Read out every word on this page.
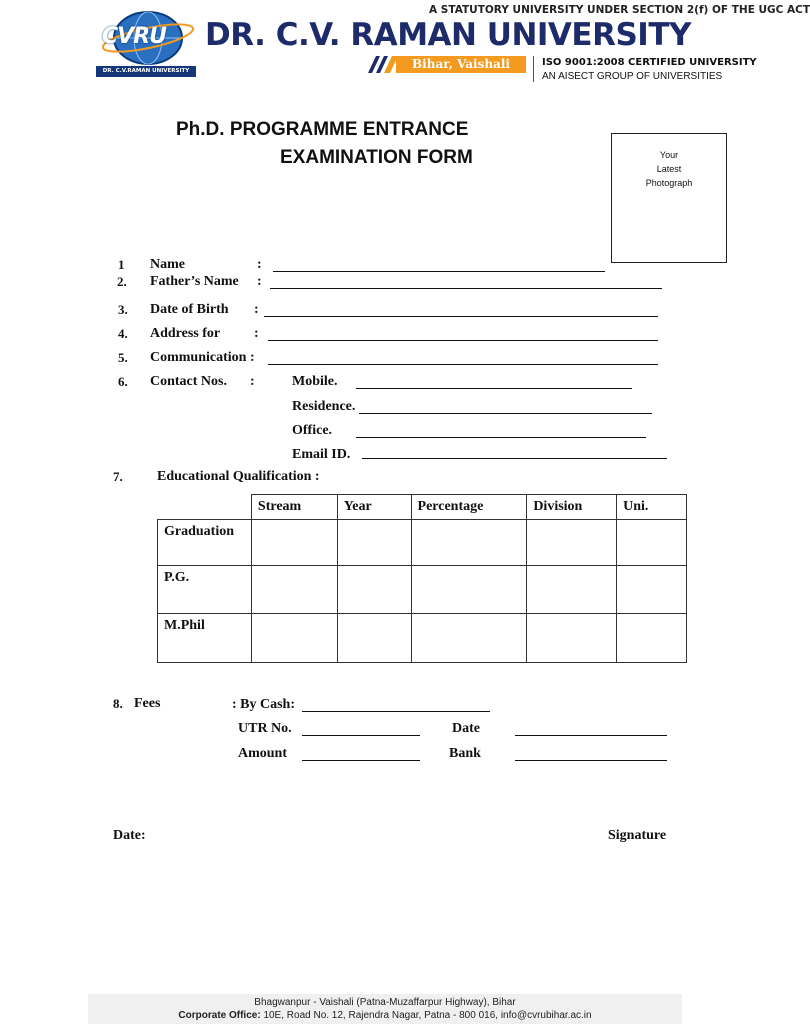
CVRU
DR. C.V.RAMAN UNIVERSITY
A STATUTORY UNIVERSITY UNDER SECTION 2(f) OF THE UGC ACT
DR. C.V. RAMAN UNIVERSITY
Bihar, Vaishali	ISO 9001:2008 CERTIFIED UNIVERSITY
AN AISECT GROUP OF UNIVERSITIES
Ph.D. PROGRAMME ENTRANCE
EXAMINATION FORM	Your
Latest
Photograph
1 Name	:
2. Father’s Name :
3. Date of Birth :
4. Address for :
5. Communication :
6. Contact Nos. :	Mobile.
Residence.
Office.
Email ID.
7. Educational Qualification :
	Stream	Year	Percentage	Division	Uni.
Graduation					
P.G.					
M.Phil					
8. Fees	: By Cash:
UTR No.	Date
Amount	Bank
Date:	Signature
Bhagwanpur - Vaishali (Patna-Muzaffarpur Highway), Bihar
Corporate Office: 10E, Road No. 12, Rajendra Nagar, Patna - 800 016, info@cvrubihar.ac.in
